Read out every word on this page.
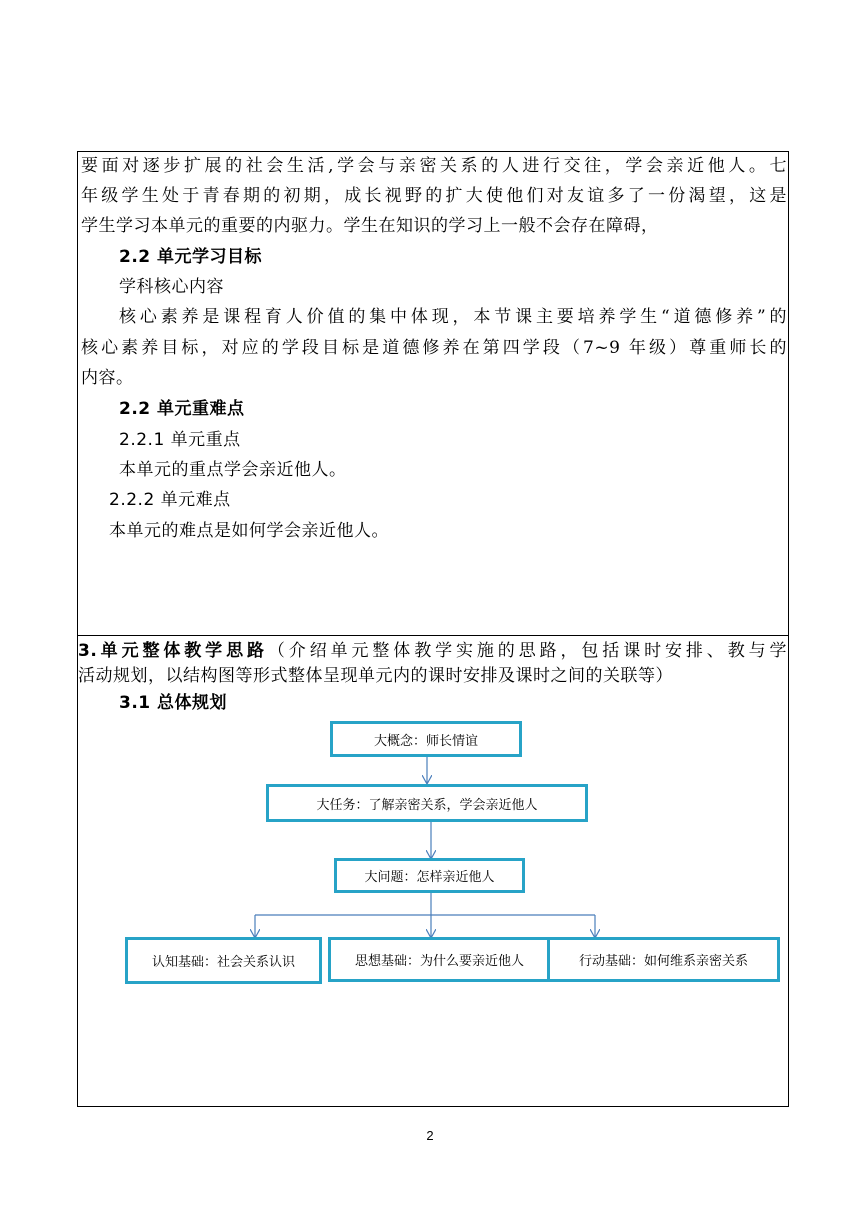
要面对逐步扩展的社会生活,学会与亲密关系的人进行交往，学会亲近他人。七
年级学生处于青春期的初期，成长视野的扩大使他们对友谊多了一份渴望，这是
学生学习本单元的重要的内驱力。学生在知识的学习上一般不会存在障碍，
2.2 单元学习目标
学科核心内容
核心素养是课程育人价值的集中体现，本节课主要培养学生“道德修养”的
核心素养目标，对应的学段目标是道德修养在第四学段（7~9 年级）尊重师长的
内容。
2.2 单元重难点
2.2.1 单元重点
本单元的重点学会亲近他人。
2.2.2 单元难点
本单元的难点是如何学会亲近他人。
3.单元整体教学思路（介绍单元整体教学实施的思路，包括课时安排、教与学
活动规划，以结构图等形式整体呈现单元内的课时安排及课时之间的关联等）
3.1 总体规划
大概念：师长情谊
大任务：了解亲密关系，学会亲近他人
大问题：怎样亲近他人
认知基础：社会关系认识	思想基础：为什么要亲近他人	行动基础：如何维系亲密关系
2
